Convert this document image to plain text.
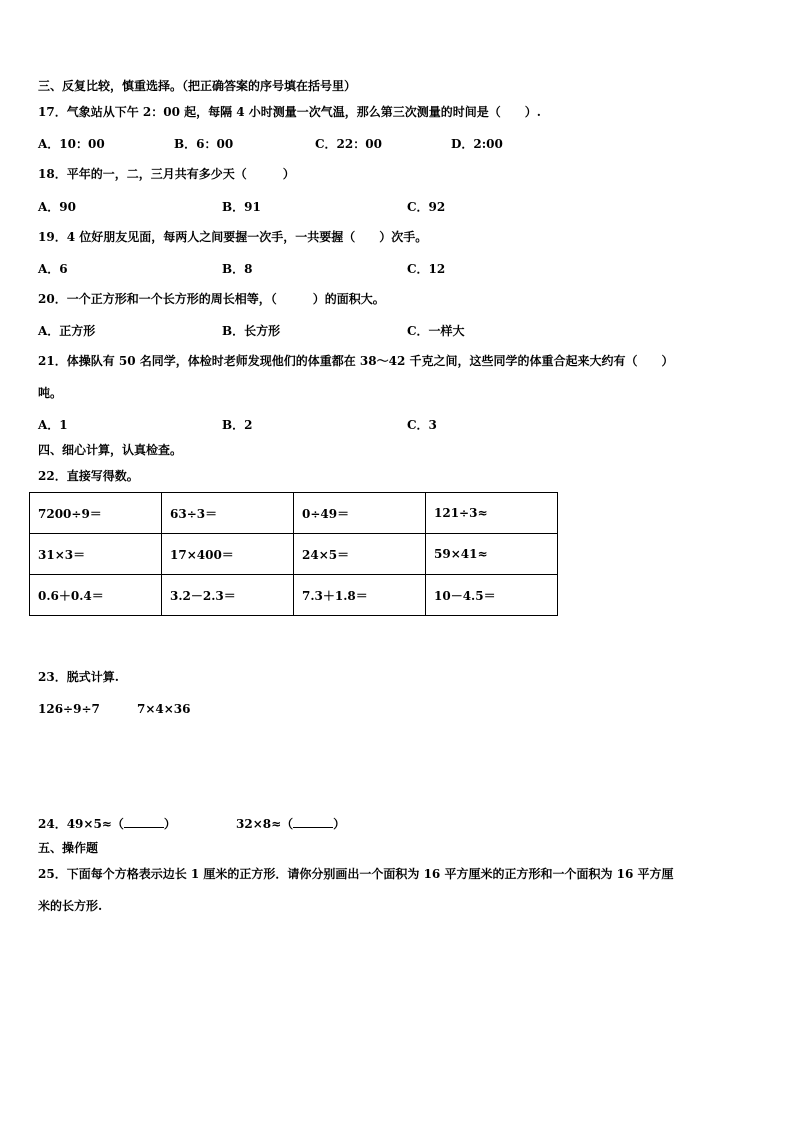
三、反复比较，慎重选择。（把正确答案的序号填在括号里）
17．气象站从下午 2：00 起，每隔 4 小时测量一次气温，那么第三次测量的时间是（　　）.
A．10：00	B．6：00	C．22：00	D．2:00
18．平年的一，二，三月共有多少天（　　　）
A．90	B．91	C．92
19．4 位好朋友见面，每两人之间要握一次手，一共要握（　　）次手。
A．6	B．8	C．12
20．一个正方形和一个长方形的周长相等，（　　　）的面积大。
A．正方形	B．长方形	C．一样大
21．体操队有 50 名同学，体检时老师发现他们的体重都在 38～42 千克之间，这些同学的体重合起来大约有（　　）
吨。
A．1	B．2	C．3
四、细心计算，认真检查。
22．直接写得数。
7200÷9＝	63÷3＝	0÷49＝	121÷3≈
31×3＝	17×400＝	24×5＝	59×41≈
0.6＋0.4＝	3.2－2.3＝	7.3＋1.8＝	10－4.5＝
23．脱式计算.
126÷9÷7	7×4×36
24．49×5≈（	）	32×8≈（	）
五、操作题
25．下面每个方格表示边长 1 厘米的正方形．请你分别画出一个面积为 16 平方厘米的正方形和一个面积为 16 平方厘
米的长方形.
